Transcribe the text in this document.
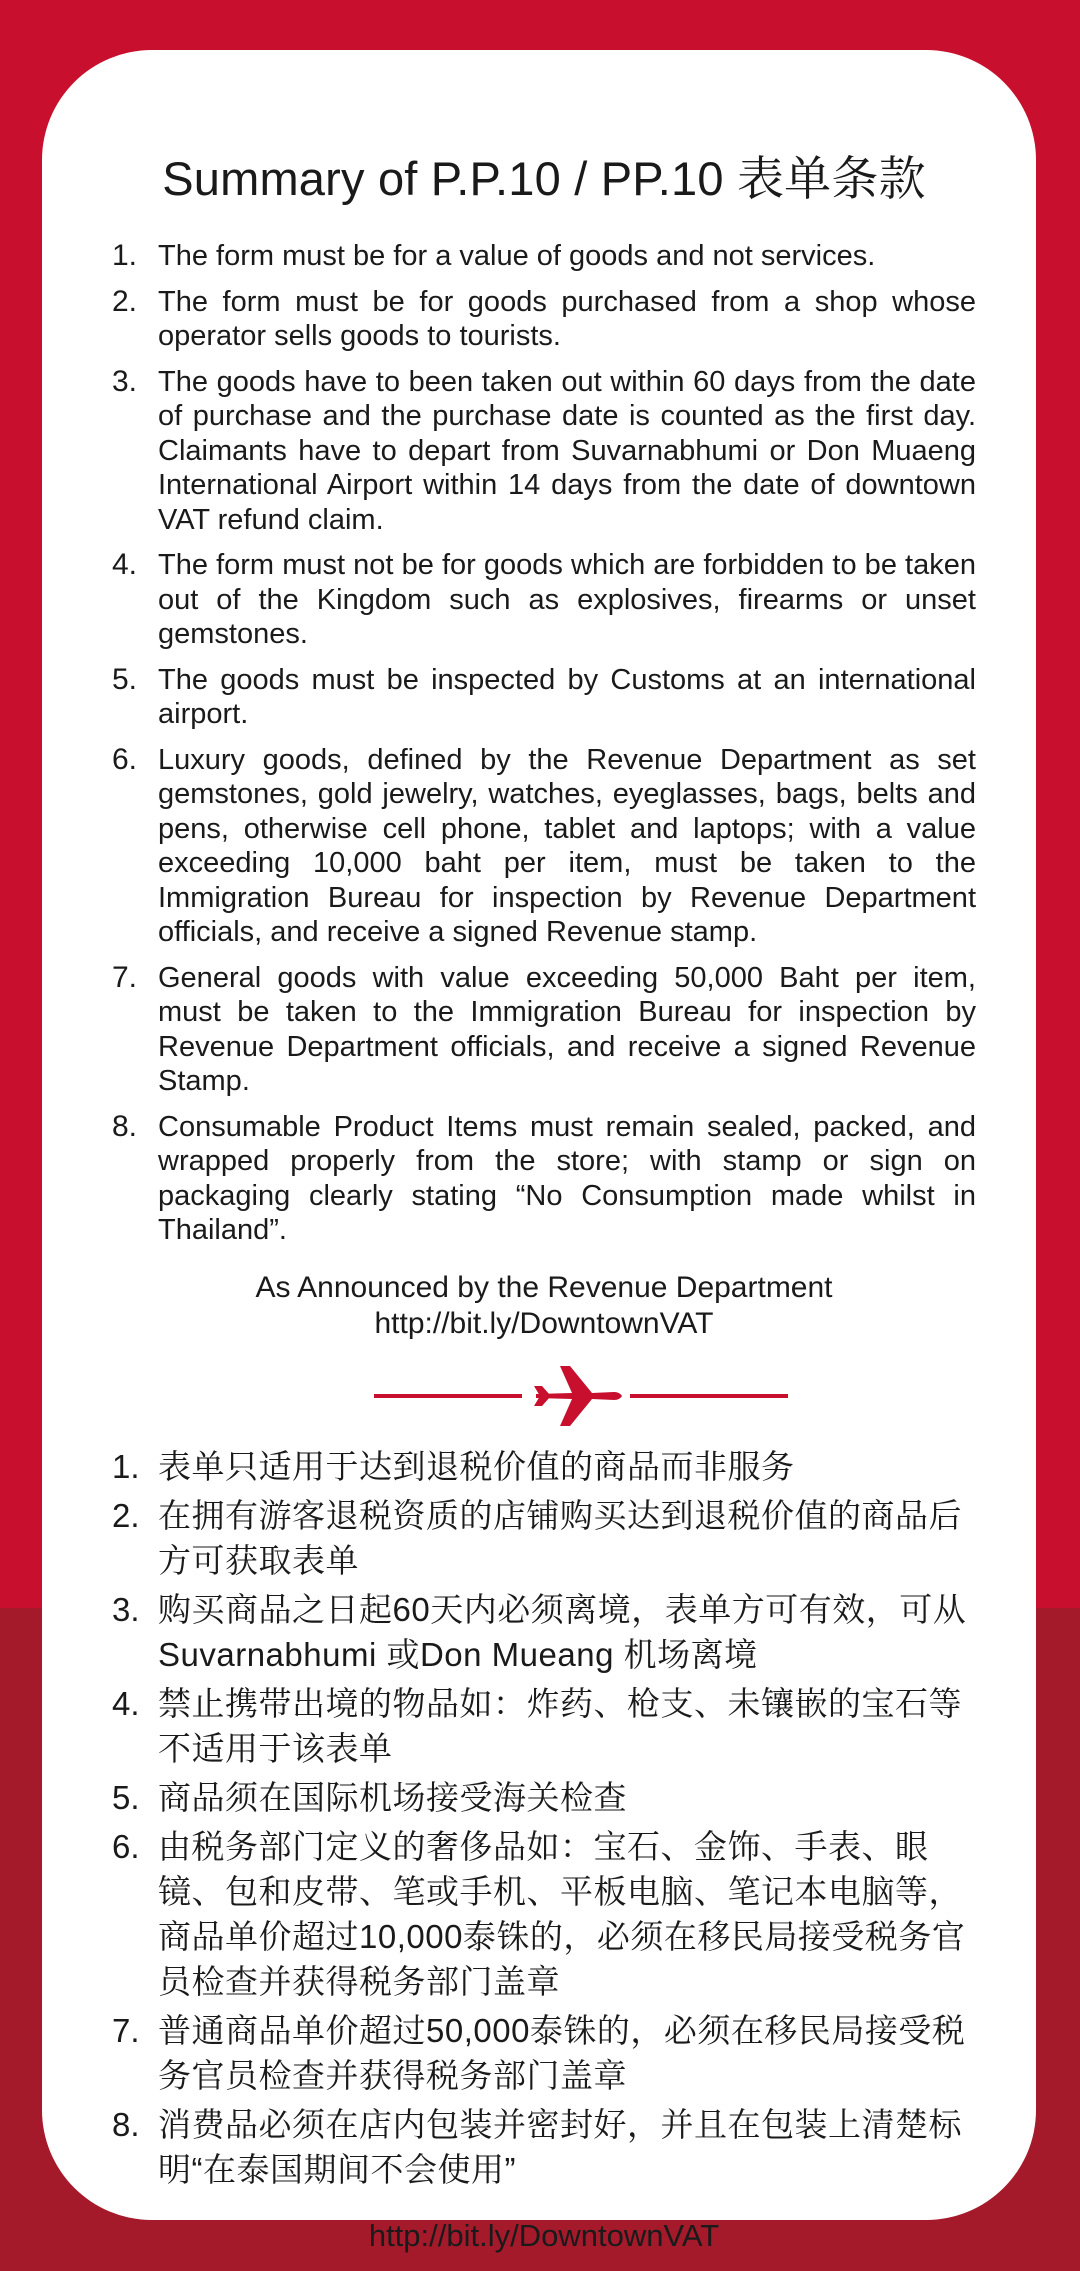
Summary of P.P.10 / PP.10 表单条款
1. The form must be for a value of goods and not services.
2. The form must be for goods purchased from a shop whose operator sells goods to tourists.
3. The goods have to been taken out within 60 days from the date of purchase and the purchase date is counted as the first day. Claimants have to depart from Suvarnabhumi or Don Muaeng International Airport within 14 days from the date of downtown VAT refund claim.
4. The form must not be for goods which are forbidden to be taken out of the Kingdom such as explosives, firearms or unset gemstones.
5. The goods must be inspected by Customs at an international airport.
6. Luxury goods, defined by the Revenue Department as set gemstones, gold jewelry, watches, eyeglasses, bags, belts and pens, otherwise cell phone, tablet and laptops; with a value exceeding 10,000 baht per item, must be taken to the Immigration Bureau for inspection by Revenue Department officials, and receive a signed Revenue stamp.
7. General goods with value exceeding 50,000 Baht per item, must be taken to the Immigration Bureau for inspection by Revenue Department officials, and receive a signed Revenue Stamp.
8. Consumable Product Items must remain sealed, packed, and wrapped properly from the store; with stamp or sign on packaging clearly stating “No Consumption made whilst in Thailand”.
As Announced by the Revenue Department
http://bit.ly/DowntownVAT
1. 表单只适用于达到退税价值的商品而非服务
2. 在拥有游客退税资质的店铺购买达到退税价值的商品后方可获取表单
3. 购买商品之日起60天内必须离境，表单方可有效，可从Suvarnabhumi 或Don Mueang 机场离境
4. 禁止携带出境的物品如：炸药、枪支、未镶嵌的宝石等不适用于该表单
5. 商品须在国际机场接受海关检查
6. 由税务部门定义的奢侈品如：宝石、金饰、手表、眼镜、包和皮带、笔或手机、平板电脑、笔记本电脑等，商品单价超过10,000泰铢的，必须在移民局接受税务官员检查并获得税务部门盖章
7. 普通商品单价超过50,000泰铢的，必须在移民局接受税务官员检查并获得税务部门盖章
8. 消费品必须在店内包装并密封好，并且在包装上清楚标明“在泰国期间不会使用”
http://bit.ly/DowntownVAT
